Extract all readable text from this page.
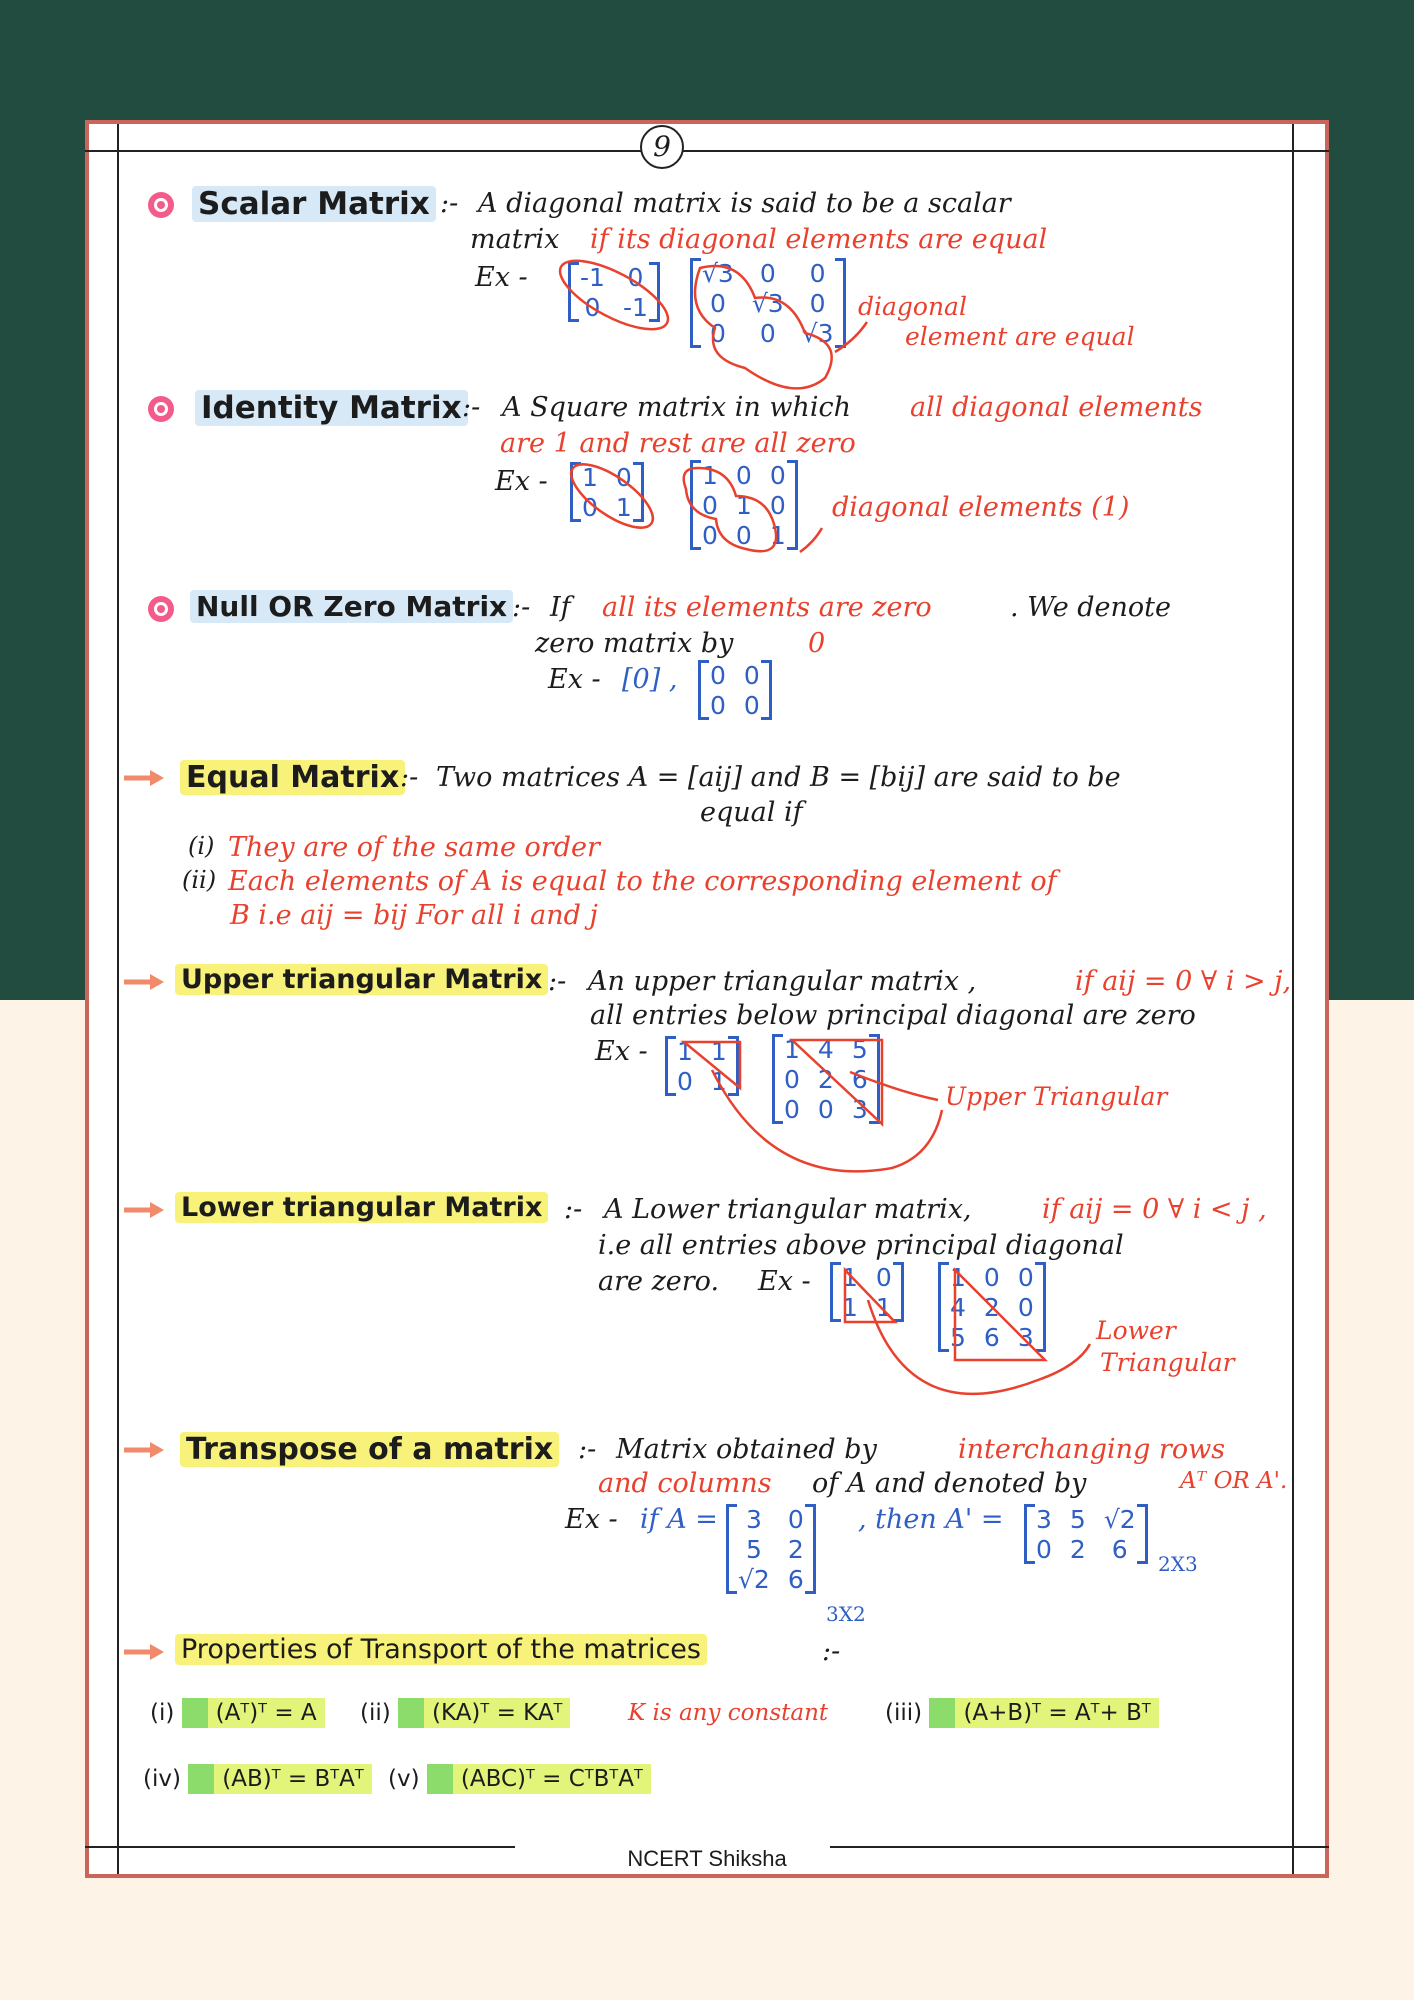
9
Scalar Matrix :- A diagonal matrix is said to be a scalar
matrix if its diagonal elements are equal
Ex - -1	0
0	-1
√3	0	0
0	√3	0
0	0	√3
diagonal
element are equal
Identity Matrix :- A Square matrix in which all diagonal elements
are 1 and rest are all zero
Ex - 1	0
0	1
1	0	0
0	1	0
0	0	1
diagonal elements (1)
Null OR Zero Matrix :- If all its elements are zero	. We denote
zero matrix by	0
Ex - [0] , 0	0
0	0
Equal Matrix :- Two matrices A = [aij] and B = [bij] are said to be
equal if
(i) They are of the same order
(ii) Each elements of A is equal to the corresponding element of
B i.e aij = bij For all i and j
Upper triangular Matrix :- An upper triangular matrix ,	if aij = 0 ∀ i > j,
all entries below principal diagonal are zero
Ex - 1	1
0	1
1	4	5
0	2	6
0	0	3	Upper Triangular
Lower triangular Matrix :- A Lower triangular matrix,	if aij = 0 ∀ i < j ,
i.e all entries above principal diagonal
are zero. Ex - 1	0
1	1
1	0	0
4	2	0
5	6	3 Lower
Triangular
Transpose of a matrix :- Matrix obtained by	interchanging rows
and columns of A and denoted by	Aᵀ OR A'.
Ex - if A = 3	0
5	2
√2	6
3X2
, then A' = 3	5	√2
0	2	6
2X3
Properties of Transport of the matrices	:-
(i) (Aᵀ)ᵀ = A	(ii) (KA)ᵀ = KAᵀ	K is any constant (iii) (A+B)ᵀ = Aᵀ+ Bᵀ
(iv) (AB)ᵀ = BᵀAᵀ	(v) (ABC)ᵀ = CᵀBᵀAᵀ
NCERT Shiksha
